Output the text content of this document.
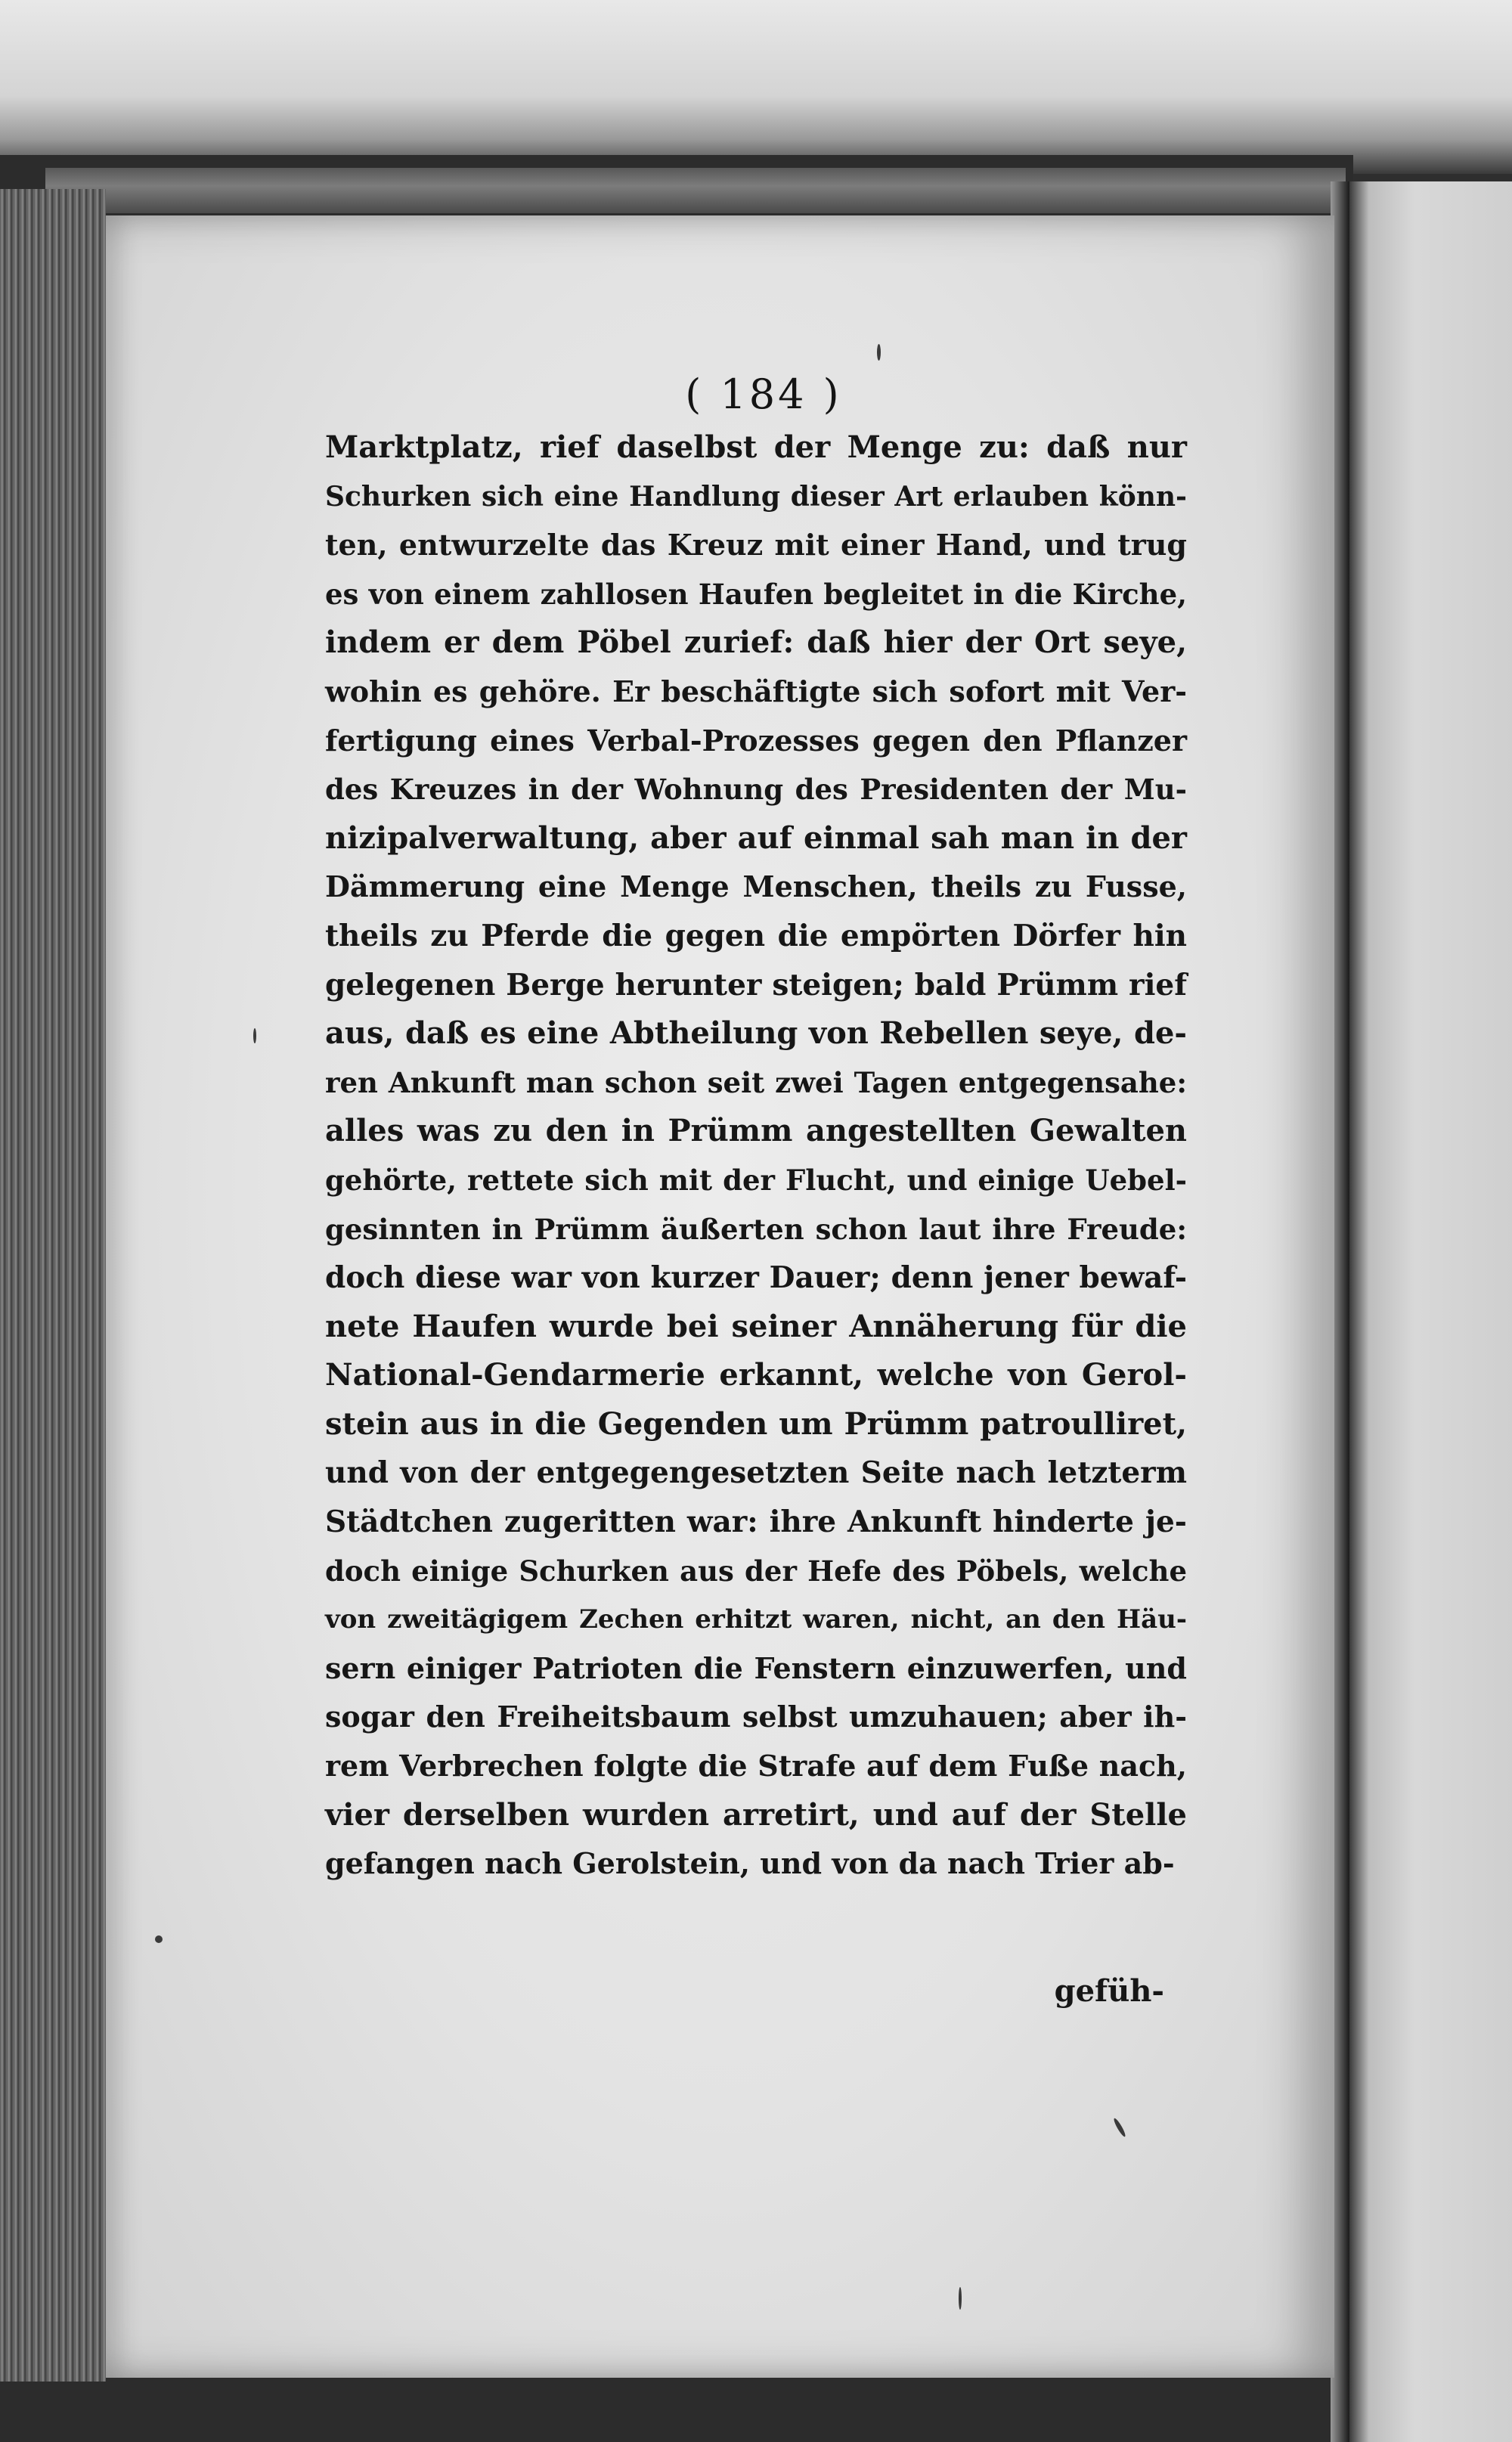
( 184 )
Marktplatz, rief daselbst der Menge zu: daß nur
Schurken sich eine Handlung dieser Art erlauben könn-
ten, entwurzelte das Kreuz mit einer Hand, und trug
es von einem zahllosen Haufen begleitet in die Kirche,
indem er dem Pöbel zurief: daß hier der Ort seye,
wohin es gehöre. Er beschäftigte sich sofort mit Ver-
fertigung eines Verbal-Prozesses gegen den Pflanzer
des Kreuzes in der Wohnung des Presidenten der Mu-
nizipalverwaltung, aber auf einmal sah man in der
Dämmerung eine Menge Menschen, theils zu Fusse,
theils zu Pferde die gegen die empörten Dörfer hin
gelegenen Berge herunter steigen; bald Prümm rief
aus, daß es eine Abtheilung von Rebellen seye, de-
ren Ankunft man schon seit zwei Tagen entgegensahe:
alles was zu den in Prümm angestellten Gewalten
gehörte, rettete sich mit der Flucht, und einige Uebel-
gesinnten in Prümm äußerten schon laut ihre Freude:
doch diese war von kurzer Dauer; denn jener bewaf-
nete Haufen wurde bei seiner Annäherung für die
National-Gendarmerie erkannt, welche von Gerol-
stein aus in die Gegenden um Prümm patroulliret,
und von der entgegengesetzten Seite nach letzterm
Städtchen zugeritten war: ihre Ankunft hinderte je-
doch einige Schurken aus der Hefe des Pöbels, welche
von zweitägigem Zechen erhitzt waren, nicht, an den Häu-
sern einiger Patrioten die Fenstern einzuwerfen, und
sogar den Freiheitsbaum selbst umzuhauen; aber ih-
rem Verbrechen folgte die Strafe auf dem Fuße nach,
vier derselben wurden arretirt, und auf der Stelle
gefangen nach Gerolstein, und von da nach Trier ab-
gefüh-
